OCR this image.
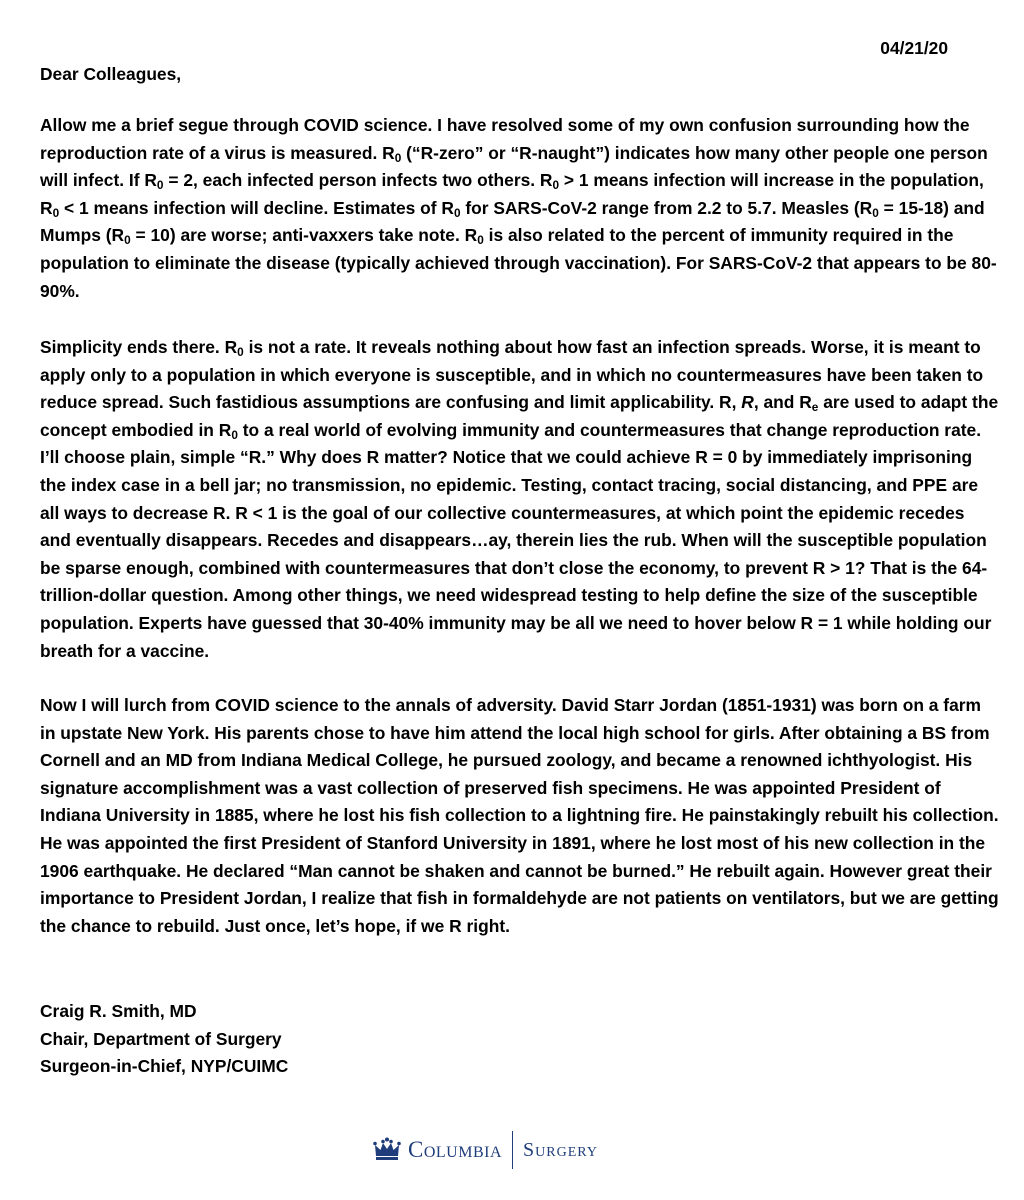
04/21/20
Dear Colleagues,

Allow me a brief segue through COVID science. I have resolved some of my own confusion surrounding how the reproduction rate of a virus is measured. $R_0$ (“R-zero” or “R-naught”) indicates how many other people one person will infect. If $R_0 = 2$, each infected person infects two others. $R_0 > 1$ means infection will increase in the population, $R_0 < 1$ means infection will decline. Estimates of $R_0$ for SARS-CoV-2 range from 2.2 to 5.7. Measles $(R_0 = 15-18)$ and Mumps $(R_0 = 10)$ are worse; anti-vaxxers take note. $R_0$ is also related to the percent of immunity required in the population to eliminate the disease (typically achieved through vaccination). For SARS-CoV-2 that appears to be 80-90%.

Simplicity ends there. $R_0$ is not a rate. It reveals nothing about how fast an infection spreads. Worse, it is meant to apply only to a population in which everyone is susceptible, and in which no countermeasures have been taken to reduce spread. Such fastidious assumptions are confusing and limit applicability. R, R, and $R_e$ are used to adapt the concept embodied in $R_0$ to a real world of evolving immunity and countermeasures that change reproduction rate. I’ll choose plain, simple “R.” Why does R matter? Notice that we could achieve R = 0 by immediately imprisoning the index case in a bell jar; no transmission, no epidemic. Testing, contact tracing, social distancing, and PPE are all ways to decrease R. R < 1 is the goal of our collective countermeasures, at which point the epidemic recedes and eventually disappears. Recedes and disappears…ay, therein lies the rub. When will the susceptible population be sparse enough, combined with countermeasures that don’t close the economy, to prevent R > 1? That is the 64-trillion-dollar question. Among other things, we need widespread testing to help define the size of the susceptible population. Experts have guessed that 30-40% immunity may be all we need to hover below R = 1 while holding our breath for a vaccine.

Now I will lurch from COVID science to the annals of adversity. David Starr Jordan (1851-1931) was born on a farm in upstate New York. His parents chose to have him attend the local high school for girls. After obtaining a BS from Cornell and an MD from Indiana Medical College, he pursued zoology, and became a renowned ichthyologist. His signature accomplishment was a vast collection of preserved fish specimens. He was appointed President of Indiana University in 1885, where he lost his fish collection to a lightning fire. He painstakingly rebuilt his collection. He was appointed the first President of Stanford University in 1891, where he lost most of his new collection in the 1906 earthquake. He declared “Man cannot be shaken and cannot be burned.” He rebuilt again. However great their importance to President Jordan, I realize that fish in formaldehyde are not patients on ventilators, but we are getting the chance to rebuild. Just once, let’s hope, if we R right.

Craig R. Smith, MD
Chair, Department of Surgery
Surgeon-in-Chief, NYP/CUIMC
Columbia Surgery
